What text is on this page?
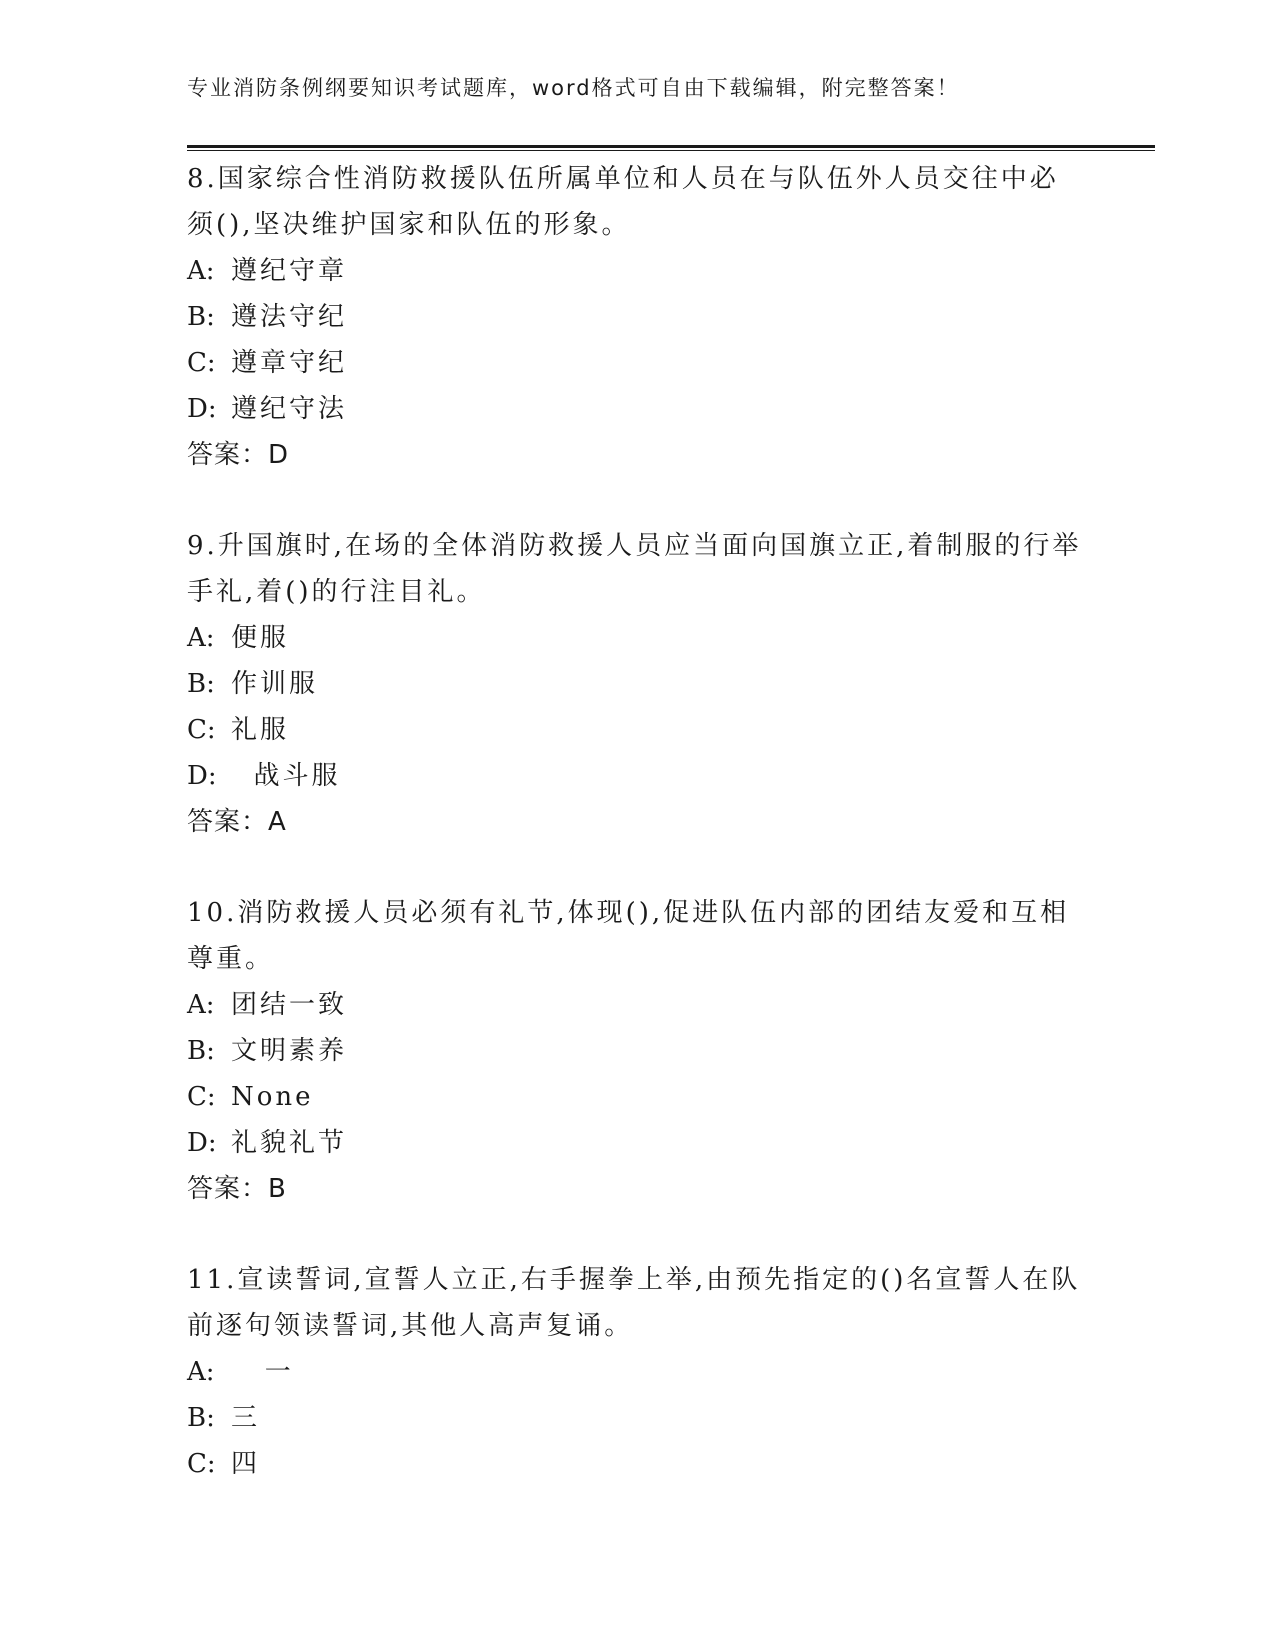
专业消防条例纲要知识考试题库，word格式可自由下载编辑，附完整答案！

8.国家综合性消防救援队伍所属单位和人员在与队伍外人员交往中必须(),坚决维护国家和队伍的形象。

A: 遵纪守章
B: 遵法守纪
C: 遵章守纪
D: 遵纪守法
答案：D

9.升国旗时,在场的全体消防救援人员应当面向国旗立正,着制服的行举手礼,着()的行注目礼。

A: 便服
B: 作训服
C: 礼服
D:  战斗服
答案：A

10.消防救援人员必须有礼节,体现(),促进队伍内部的团结友爱和互相尊重。

A: 团结一致
B: 文明素养
C: None
D: 礼貌礼节
答案：B

11.宣读誓词,宣誓人立正,右手握拳上举,由预先指定的()名宣誓人在队前逐句领读誓词,其他人高声复诵。

A:   一
B: 三
C: 四
